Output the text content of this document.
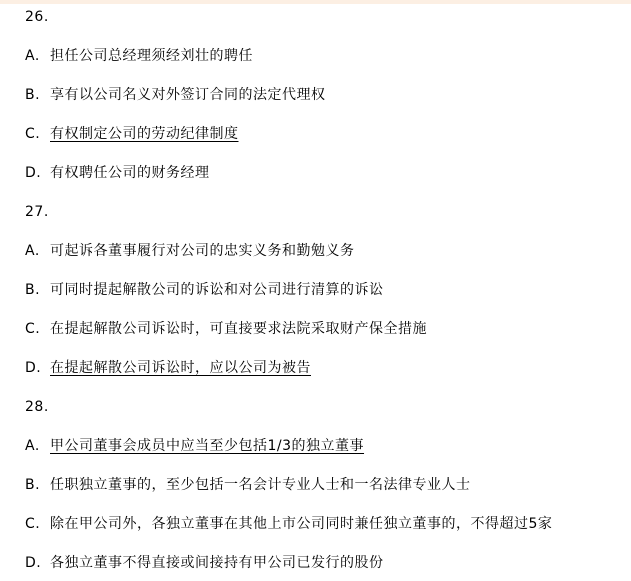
26.
A. 担任公司总经理须经刘壮的聘任
B. 享有以公司名义对外签订合同的法定代理权
C. 有权制定公司的劳动纪律制度
D. 有权聘任公司的财务经理
27.
A. 可起诉各董事履行对公司的忠实义务和勤勉义务
B. 可同时提起解散公司的诉讼和对公司进行清算的诉讼
C. 在提起解散公司诉讼时，可直接要求法院采取财产保全措施
D. 在提起解散公司诉讼时，应以公司为被告
28.
A. 甲公司董事会成员中应当至少包括1/3的独立董事
B. 任职独立董事的，至少包括一名会计专业人士和一名法律专业人士
C. 除在甲公司外，各独立董事在其他上市公司同时兼任独立董事的，不得超过5家
D. 各独立董事不得直接或间接持有甲公司已发行的股份
